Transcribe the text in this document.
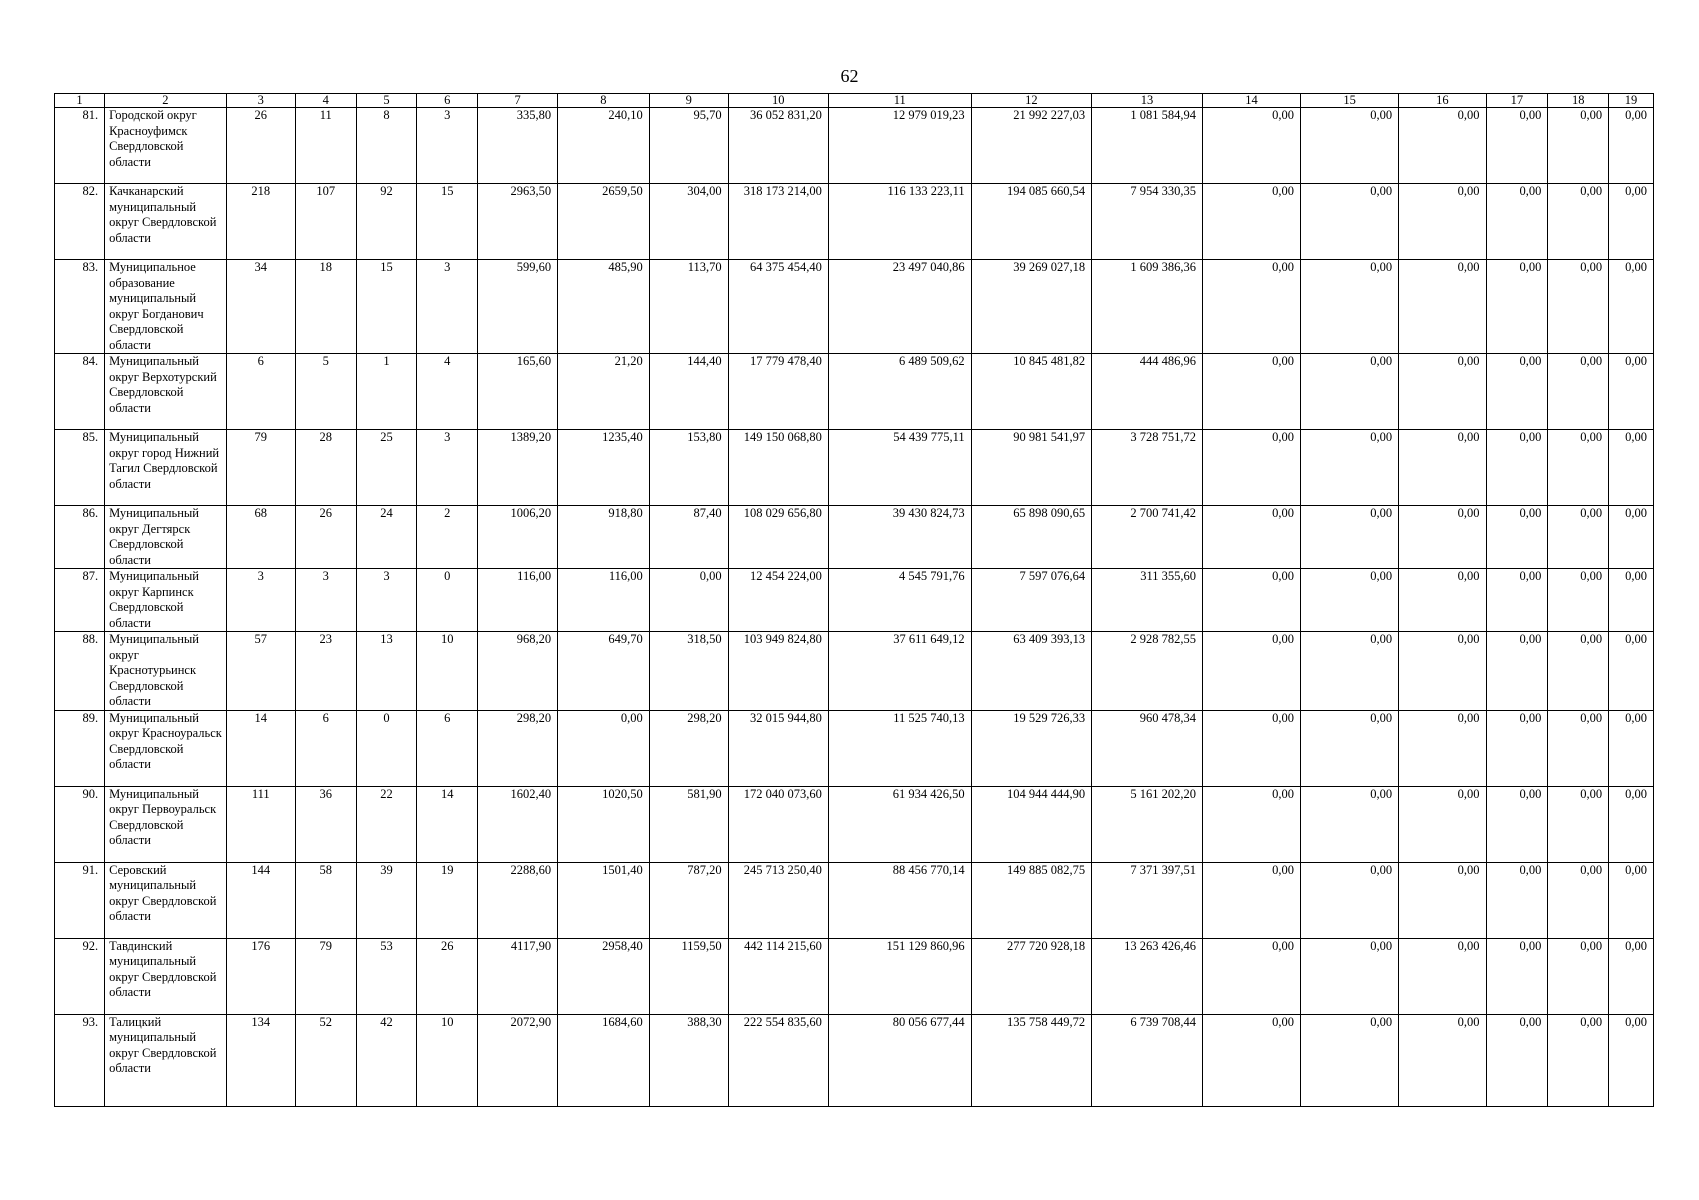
62
1	2	3	4	5	6	7	8	9	10	11	12	13	14	15	16	17	18	19
81.	Городской округ Красноуфимск Свердловской области	26	11	8	3	335,80	240,10	95,70	36 052 831,20	12 979 019,23	21 992 227,03	1 081 584,94	0,00	0,00	0,00	0,00	0,00	0,00
82.	Качканарский муниципальный округ Свердловской области	218	107	92	15	2963,50	2659,50	304,00	318 173 214,00	116 133 223,11	194 085 660,54	7 954 330,35	0,00	0,00	0,00	0,00	0,00	0,00
83.	Муниципальное образование муниципальный округ Богданович Свердловской области	34	18	15	3	599,60	485,90	113,70	64 375 454,40	23 497 040,86	39 269 027,18	1 609 386,36	0,00	0,00	0,00	0,00	0,00	0,00
84.	Муниципальный округ Верхотурский Свердловской области	6	5	1	4	165,60	21,20	144,40	17 779 478,40	6 489 509,62	10 845 481,82	444 486,96	0,00	0,00	0,00	0,00	0,00	0,00
85.	Муниципальный округ город Нижний Тагил Свердловской области	79	28	25	3	1389,20	1235,40	153,80	149 150 068,80	54 439 775,11	90 981 541,97	3 728 751,72	0,00	0,00	0,00	0,00	0,00	0,00
86.	Муниципальный округ Дегтярск Свердловской области	68	26	24	2	1006,20	918,80	87,40	108 029 656,80	39 430 824,73	65 898 090,65	2 700 741,42	0,00	0,00	0,00	0,00	0,00	0,00
87.	Муниципальный округ Карпинск Свердловской области	3	3	3	0	116,00	116,00	0,00	12 454 224,00	4 545 791,76	7 597 076,64	311 355,60	0,00	0,00	0,00	0,00	0,00	0,00
88.	Муниципальный округ Краснотурьинск Свердловской области	57	23	13	10	968,20	649,70	318,50	103 949 824,80	37 611 649,12	63 409 393,13	2 928 782,55	0,00	0,00	0,00	0,00	0,00	0,00
89.	Муниципальный округ Красноуральск Свердловской области	14	6	0	6	298,20	0,00	298,20	32 015 944,80	11 525 740,13	19 529 726,33	960 478,34	0,00	0,00	0,00	0,00	0,00	0,00
90.	Муниципальный округ Первоуральск Свердловской области	111	36	22	14	1602,40	1020,50	581,90	172 040 073,60	61 934 426,50	104 944 444,90	5 161 202,20	0,00	0,00	0,00	0,00	0,00	0,00
91.	Серовский муниципальный округ Свердловской области	144	58	39	19	2288,60	1501,40	787,20	245 713 250,40	88 456 770,14	149 885 082,75	7 371 397,51	0,00	0,00	0,00	0,00	0,00	0,00
92.	Тавдинский муниципальный округ Свердловской области	176	79	53	26	4117,90	2958,40	1159,50	442 114 215,60	151 129 860,96	277 720 928,18	13 263 426,46	0,00	0,00	0,00	0,00	0,00	0,00
93.	Талицкий муниципальный округ Свердловской области	134	52	42	10	2072,90	1684,60	388,30	222 554 835,60	80 056 677,44	135 758 449,72	6 739 708,44	0,00	0,00	0,00	0,00	0,00	0,00
